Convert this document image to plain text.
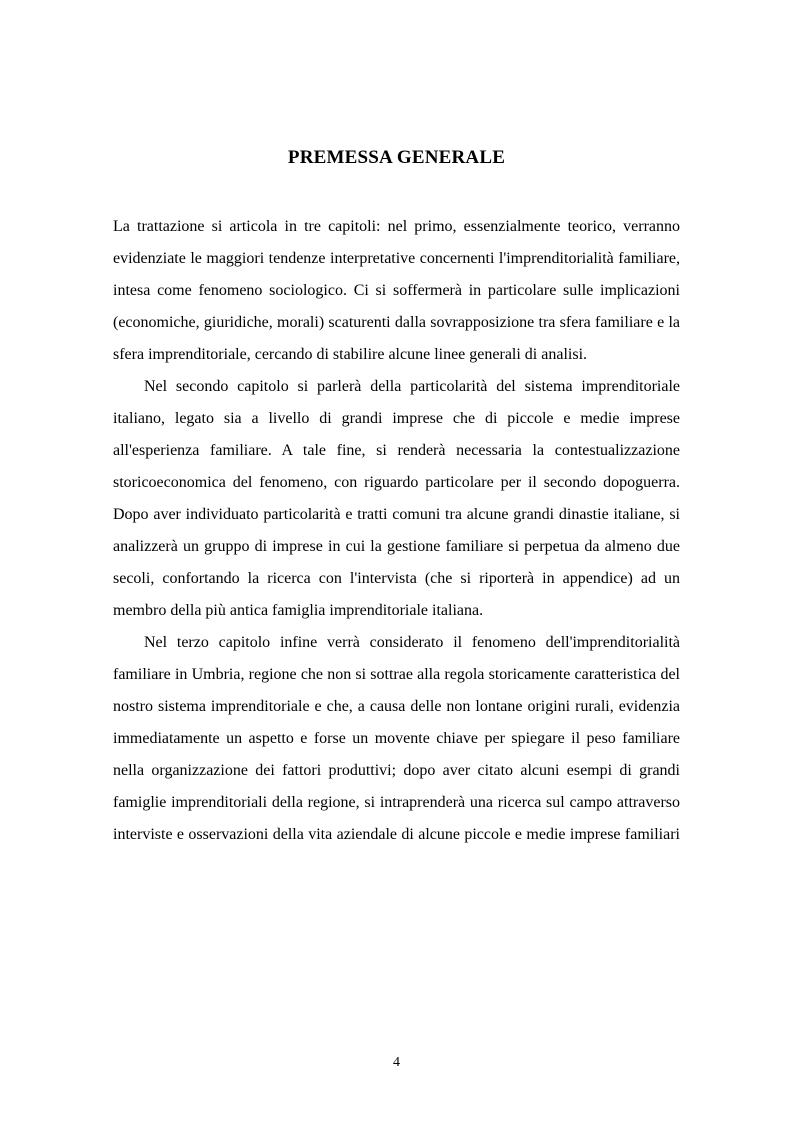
PREMESSA GENERALE

La trattazione si articola in tre capitoli: nel primo, essenzialmente teorico, verranno evidenziate le maggiori tendenze interpretative concernenti l'imprenditorialità familiare, intesa come fenomeno sociologico. Ci si soffermerà in particolare sulle implicazioni (economiche, giuridiche, morali) scaturenti dalla sovrapposizione tra sfera familiare e la sfera imprenditoriale, cercando di stabilire alcune linee generali di analisi.

Nel secondo capitolo si parlerà della particolarità del sistema imprenditoriale italiano, legato sia a livello di grandi imprese che di piccole e medie imprese all'esperienza familiare. A tale fine, si renderà necessaria la contestualizzazione storicoeconomica del fenomeno, con riguardo particolare per il secondo dopoguerra. Dopo aver individuato particolarità e tratti comuni tra alcune grandi dinastie italiane, si analizzerà un gruppo di imprese in cui la gestione familiare si perpetua da almeno due secoli, confortando la ricerca con l'intervista (che si riporterà in appendice) ad un membro della più antica famiglia imprenditoriale italiana.

Nel terzo capitolo infine verrà considerato il fenomeno dell'imprenditorialità familiare in Umbria, regione che non si sottrae alla regola storicamente caratteristica del nostro sistema imprenditoriale e che, a causa delle non lontane origini rurali, evidenzia immediatamente un aspetto e forse un movente chiave per spiegare il peso familiare nella organizzazione dei fattori produttivi; dopo aver citato alcuni esempi di grandi famiglie imprenditoriali della regione, si intraprenderà una ricerca sul campo attraverso interviste e osservazioni della vita aziendale di alcune piccole e medie imprese familiari

4
